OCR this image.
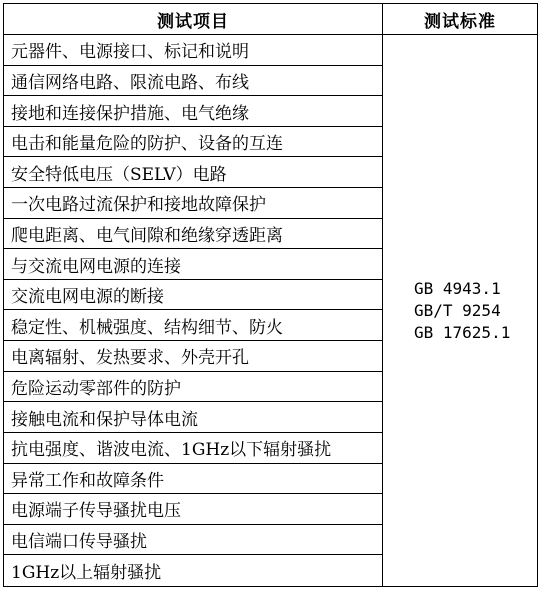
测试项目	测试标准
元器件、电源接口、标记和说明
通信网络电路、限流电路、布线
接地和连接保护措施、电气绝缘
电击和能量危险的防护、设备的互连
安全特低电压（SELV）电路
一次电路过流保护和接地故障保护
爬电距离、电气间隙和绝缘穿透距离
与交流电网电源的连接
交流电网电源的断接
稳定性、机械强度、结构细节、防火
电离辐射、发热要求、外壳开孔
危险运动零部件的防护
接触电流和保护导体电流
抗电强度、谐波电流、1GHz以下辐射骚扰
异常工作和故障条件
电源端子传导骚扰电压
电信端口传导骚扰
1GHz以上辐射骚扰
GB 4943.1
GB/T 9254
GB 17625.1
